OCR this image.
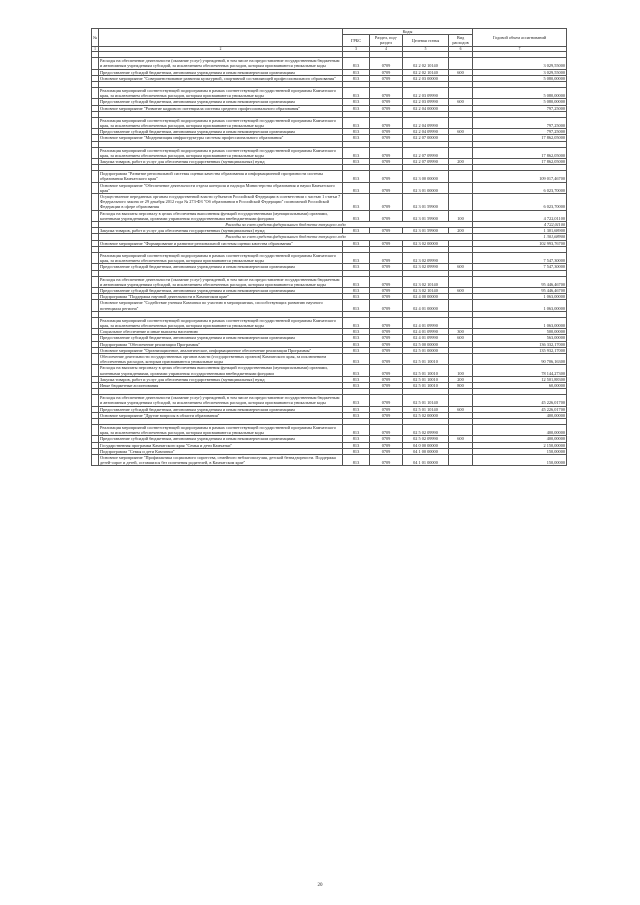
№		Коды				Годовой объем ассигнований
		ГРБС	Раздел, под-раздел	Целевая статья	Вид расходов	
1	2	3	4	5	6	7

	Расходы на обеспечение деятельности (оказание услуг) учреждений, в том числе на предоставление государственным бюджетным и автономным учреждениям субсидий, за исключением обеспеченных расходов, которым присваиваются уникальные коды	813	0709	02 2 02 10140		3 029,55000
	Предоставление субсидий бюджетным, автономным учреждениям и иным некоммерческим организациям	813	0709	02 2 02 10140	600	3 029,55000
	Основное мероприятие "Совершенствование развития культурной, спортивной составляющей профессионального образования"	813	0709	02 2 03 00000		5 080,00000

	Реализация мероприятий соответствующей подпрограммы в рамках соответствующей государственной программы Камчатского края, за исключением обеспеченных расходов, которым присваиваются уникальные коды	813	0709	02 2 03 09990		5 080,00000
	Предоставление субсидий бюджетным, автономным учреждениям и иным некоммерческим организациям	813	0709	02 2 03 09990	600	5 080,00000
	Основное мероприятие "Развитие кадрового потенциала системы среднего профессионального образования"	813	0709	02 2 04 00000		797,25000

	Реализация мероприятий соответствующей подпрограммы в рамках соответствующей государственной программы Камчатского края, за исключением обеспеченных расходов, которым присваиваются уникальные коды	813	0709	02 2 04 09990		797,25000
	Предоставление субсидий бюджетным, автономным учреждениям и иным некоммерческим организациям	813	0709	02 2 04 09990	600	797,25000
	Основное мероприятие "Модернизация инфраструктуры системы профессионального образования"	813	0709	02 2 07 00000		17 862,05000

	Реализация мероприятий соответствующей подпрограммы в рамках соответствующей государственной программы Камчатского края, за исключением обеспеченных расходов, которым присваиваются уникальные коды	813	0709	02 2 07 09990		17 862,05000
	Закупка товаров, работ и услуг для обеспечения государственных (муниципальных) нужд	813	0709	02 2 07 09990	200	17 862,05000

	Подпрограмма "Развитие региональной системы оценки качества образования и информационной прозрачности системы образования Камчатского края"	813	0709	02 3 00 00000		109 017,46700
	Основное мероприятие "Обеспечение деятельности отдела контроля и надзора Министерства образования и науки Камчатского края"	813	0709	02 3 01 00000		6 023,70000
	Осуществление переданных органам государственной власти субъектов Российской Федерации в соответствии с частью 1 статьи 7 Федерального закона от 29 декабря 2012 года № 273-ФЗ "Об образовании в Российской Федерации" полномочий Российской Федерации в сфере образования	813	0709	02 3 01 59900		6 023,70000
	Расходы на выплаты персоналу в целях обеспечения выполнения функций государственными (муниципальными) органами, казенными учреждениями, органами управления государственными внебюджетными фондами	813	0709	02 3 01 59900	100	4 722,01100
	Расходы за счет средств федерального бюджета текущего года					4 722,01100
	Закупка товаров, работ и услуг для обеспечения государственных (муниципальных) нужд	813	0709	02 3 01 59900	200	1 301,68900
	Расходы за счет средств федерального бюджета текущего года					1 301,68900
	Основное мероприятие "Формирование и развитие региональной системы оценки качества образования"	813	0709	02 3 02 00000		102 993,76700

	Реализация мероприятий соответствующей подпрограммы в рамках соответствующей государственной программы Камчатского края, за исключением обеспеченных расходов, которым присваиваются уникальные коды	813	0709	02 3 02 09990		7 547,30000
	Предоставление субсидий бюджетным, автономным учреждениям и иным некоммерческим организациям	813	0709	02 3 02 09990	600	7 547,30000

	Расходы на обеспечение деятельности (оказание услуг) учреждений, в том числе на предоставление государственным бюджетным и автономным учреждениям субсидий, за исключением обеспеченных расходов, которым присваиваются уникальные коды	813	0709	02 3 02 10140		95 446,46700
	Предоставление субсидий бюджетным, автономным учреждениям и иным некоммерческим организациям	813	0709	02 3 02 10140	600	95 446,46700
	Подпрограмма "Поддержка научной деятельности в Камчатском крае"	813	0709	02 4 00 00000		1 063,00000
	Основное мероприятие "Содействие ученым Камчатки по участию в мероприятиях, способствующих развитию научного потенциала региона"	813	0709	02 4 01 00000		1 063,00000

	Реализация мероприятий соответствующей подпрограммы в рамках соответствующей государственной программы Камчатского края, за исключением обеспеченных расходов, которым присваиваются уникальные коды	813	0709	02 4 01 09990		1 063,00000
	Социальное обеспечение и иные выплаты населению	813	0709	02 4 01 09990	300	500,00000
	Предоставление субсидий бюджетным, автономным учреждениям и иным некоммерческим организациям	813	0709	02 4 01 09990	600	563,00000
	Подпрограмма "Обеспечение реализации Программы"	813	0709	02 5 00 00000		136 332,17000
	Основное мероприятие "Организационное, аналитическое, информационное обеспечение реализации Программы"	813	0709	02 5 01 00000		135 932,17000
	Обеспечение деятельности государственных органов власти (государственных органов) Камчатского края, за исключением обеспеченных расходов, которым присваиваются уникальные коды	813	0709	02 5 01 10010		90 706,16300
	Расходы на выплаты персоналу в целях обеспечения выполнения функций государственными (муниципальными) органами, казенными учреждениями, органами управления государственными внебюджетными фондами	813	0709	02 5 01 10010	100	78 144,27300
	Закупка товаров, работ и услуг для обеспечения государственных (муниципальных) нужд	813	0709	02 5 01 10010	200	12 501,88300
	Иные бюджетные ассигнования	813	0709	02 5 01 10010	800	60,00000

	Расходы на обеспечение деятельности (оказание услуг) учреждений, в том числе на предоставление государственным бюджетным и автономным учреждениям субсидий, за исключением обеспеченных расходов, которым присваиваются уникальные коды	813	0709	02 5 01 10140		45 226,01700
	Предоставление субсидий бюджетным, автономным учреждениям и иным некоммерческим организациям	813	0709	02 5 01 10140	600	45 226,01700
	Основное мероприятие "Другие вопросы в области образования"	813	0709	02 5 02 00000		400,00000

	Реализация мероприятий соответствующей подпрограммы в рамках соответствующей государственной программы Камчатского края, за исключением обеспеченных расходов, которым присваиваются уникальные коды	813	0709	02 5 02 09990		400,00000
	Предоставление субсидий бюджетным, автономным учреждениям и иным некоммерческим организациям	813	0709	02 5 02 09990	600	400,00000
	Государственная программа Камчатского края "Семья и дети Камчатки"	813	0709	04 0 00 00000		2 150,00000
	Подпрограмма "Семья и дети Камчатки"	813	0709	04 1 00 00000		150,00000
	Основное мероприятие "Профилактика социального сиротства, семейного неблагополучия, детской безнадзорности. Поддержка детей-сирот и детей, оставшихся без попечения родителей, в Камчатском крае"	813	0709	04 1 01 00000		150,00000
20
